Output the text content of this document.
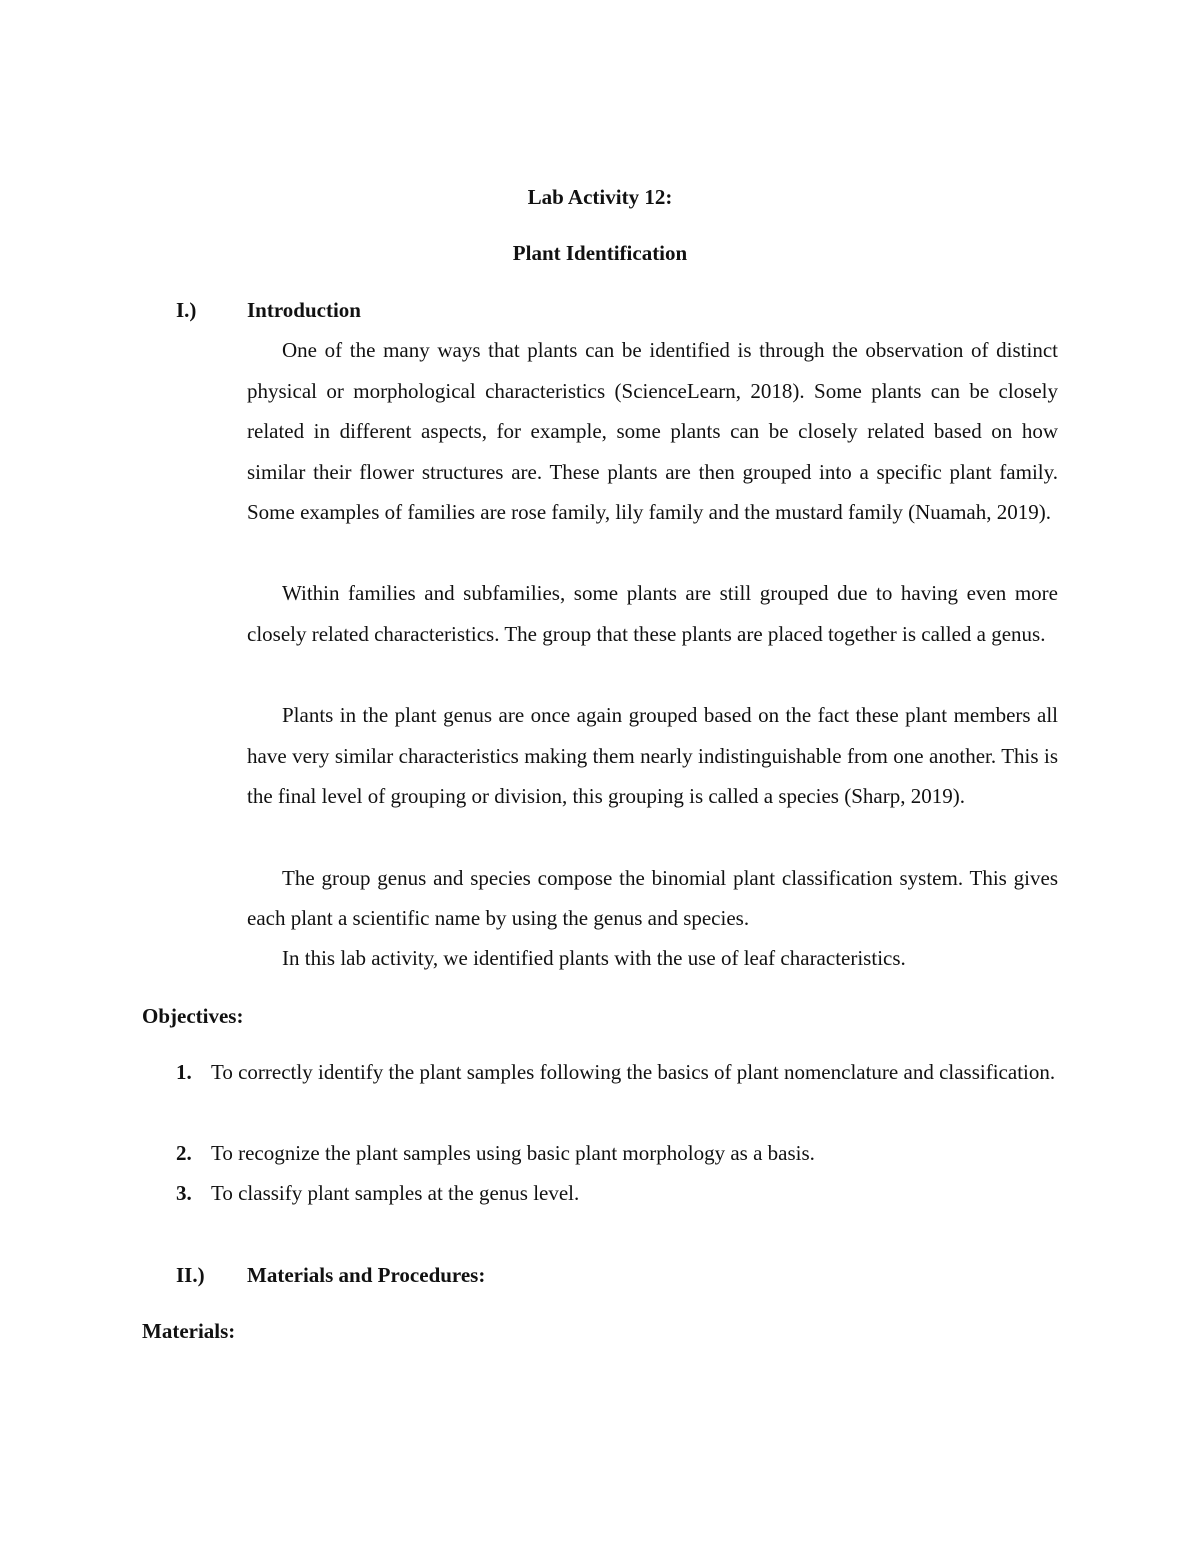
Lab Activity 12:
Plant Identification
I.) Introduction

One of the many ways that plants can be identified is through the observation of distinct physical or morphological characteristics (ScienceLearn, 2018). Some plants can be closely related in different aspects, for example, some plants can be closely related based on how similar their flower structures are. These plants are then grouped into a specific plant family. Some examples of families are rose family, lily family and the mustard family (Nuamah, 2019).

Within families and subfamilies, some plants are still grouped due to having even more closely related characteristics. The group that these plants are placed together is called a genus.

Plants in the plant genus are once again grouped based on the fact these plant members all have very similar characteristics making them nearly indistinguishable from one another. This is the final level of grouping or division, this grouping is called a species (Sharp, 2019).

The group genus and species compose the binomial plant classification system. This gives each plant a scientific name by using the genus and species.

In this lab activity, we identified plants with the use of leaf characteristics.

Objectives:
1. To correctly identify the plant samples following the basics of plant nomenclature and classification.
2. To recognize the plant samples using basic plant morphology as a basis.
3. To classify plant samples at the genus level.
II.) Materials and Procedures:
Materials:
